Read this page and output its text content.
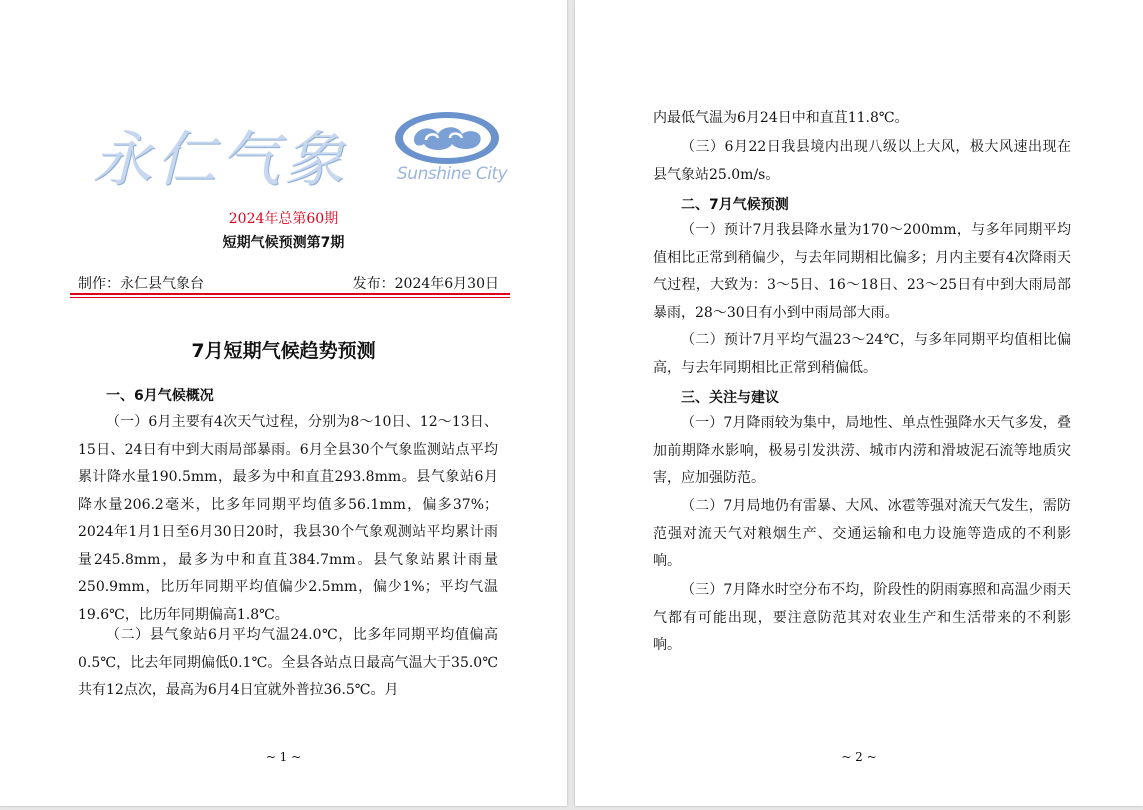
永仁气象	Sunshine City
2024年总第60期
短期气候预测第7期
制作：永仁县气象台	发布：2024年6月30日
7月短期气候趋势预测
一、6月气候概况

（一）6月主要有4次天气过程，分别为8～10日、12～13日、15日、24日有中到大雨局部暴雨。6月全县30个气象监测站点平均累计降水量190.5mm，最多为中和直苴293.8mm。县气象站6月降水量206.2毫米，比多年同期平均值多56.1mm，偏多37%；2024年1月1日至6月30日20时，我县30个气象观测站平均累计雨量245.8mm，最多为中和直苴384.7mm。县气象站累计雨量250.9mm，比历年同期平均值偏少2.5mm，偏少1%；平均气温19.6℃，比历年同期偏高1.8℃。

（二）县气象站6月平均气温24.0℃，比多年同期平均值偏高0.5℃，比去年同期偏低0.1℃。全县各站点日最高气温大于35.0℃共有12点次，最高为6月4日宜就外普拉36.5℃。月

~ 1 ~

内最低气温为6月24日中和直苴11.8℃。

（三）6月22日我县境内出现八级以上大风，极大风速出现在县气象站25.0m/s。

二、7月气候预测

（一）预计7月我县降水量为170～200mm，与多年同期平均值相比正常到稍偏少，与去年同期相比偏多；月内主要有4次降雨天气过程，大致为：3～5日、16～18日、23～25日有中到大雨局部暴雨，28～30日有小到中雨局部大雨。

（二）预计7月平均气温23～24℃，与多年同期平均值相比偏高，与去年同期相比正常到稍偏低。

三、关注与建议

（一）7月降雨较为集中，局地性、单点性强降水天气多发，叠加前期降水影响，极易引发洪涝、城市内涝和滑坡泥石流等地质灾害，应加强防范。

（二）7月局地仍有雷暴、大风、冰雹等强对流天气发生，需防范强对流天气对粮烟生产、交通运输和电力设施等造成的不利影响。

（三）7月降水时空分布不均，阶段性的阴雨寡照和高温少雨天气都有可能出现，要注意防范其对农业生产和生活带来的不利影响。

~ 2 ~
